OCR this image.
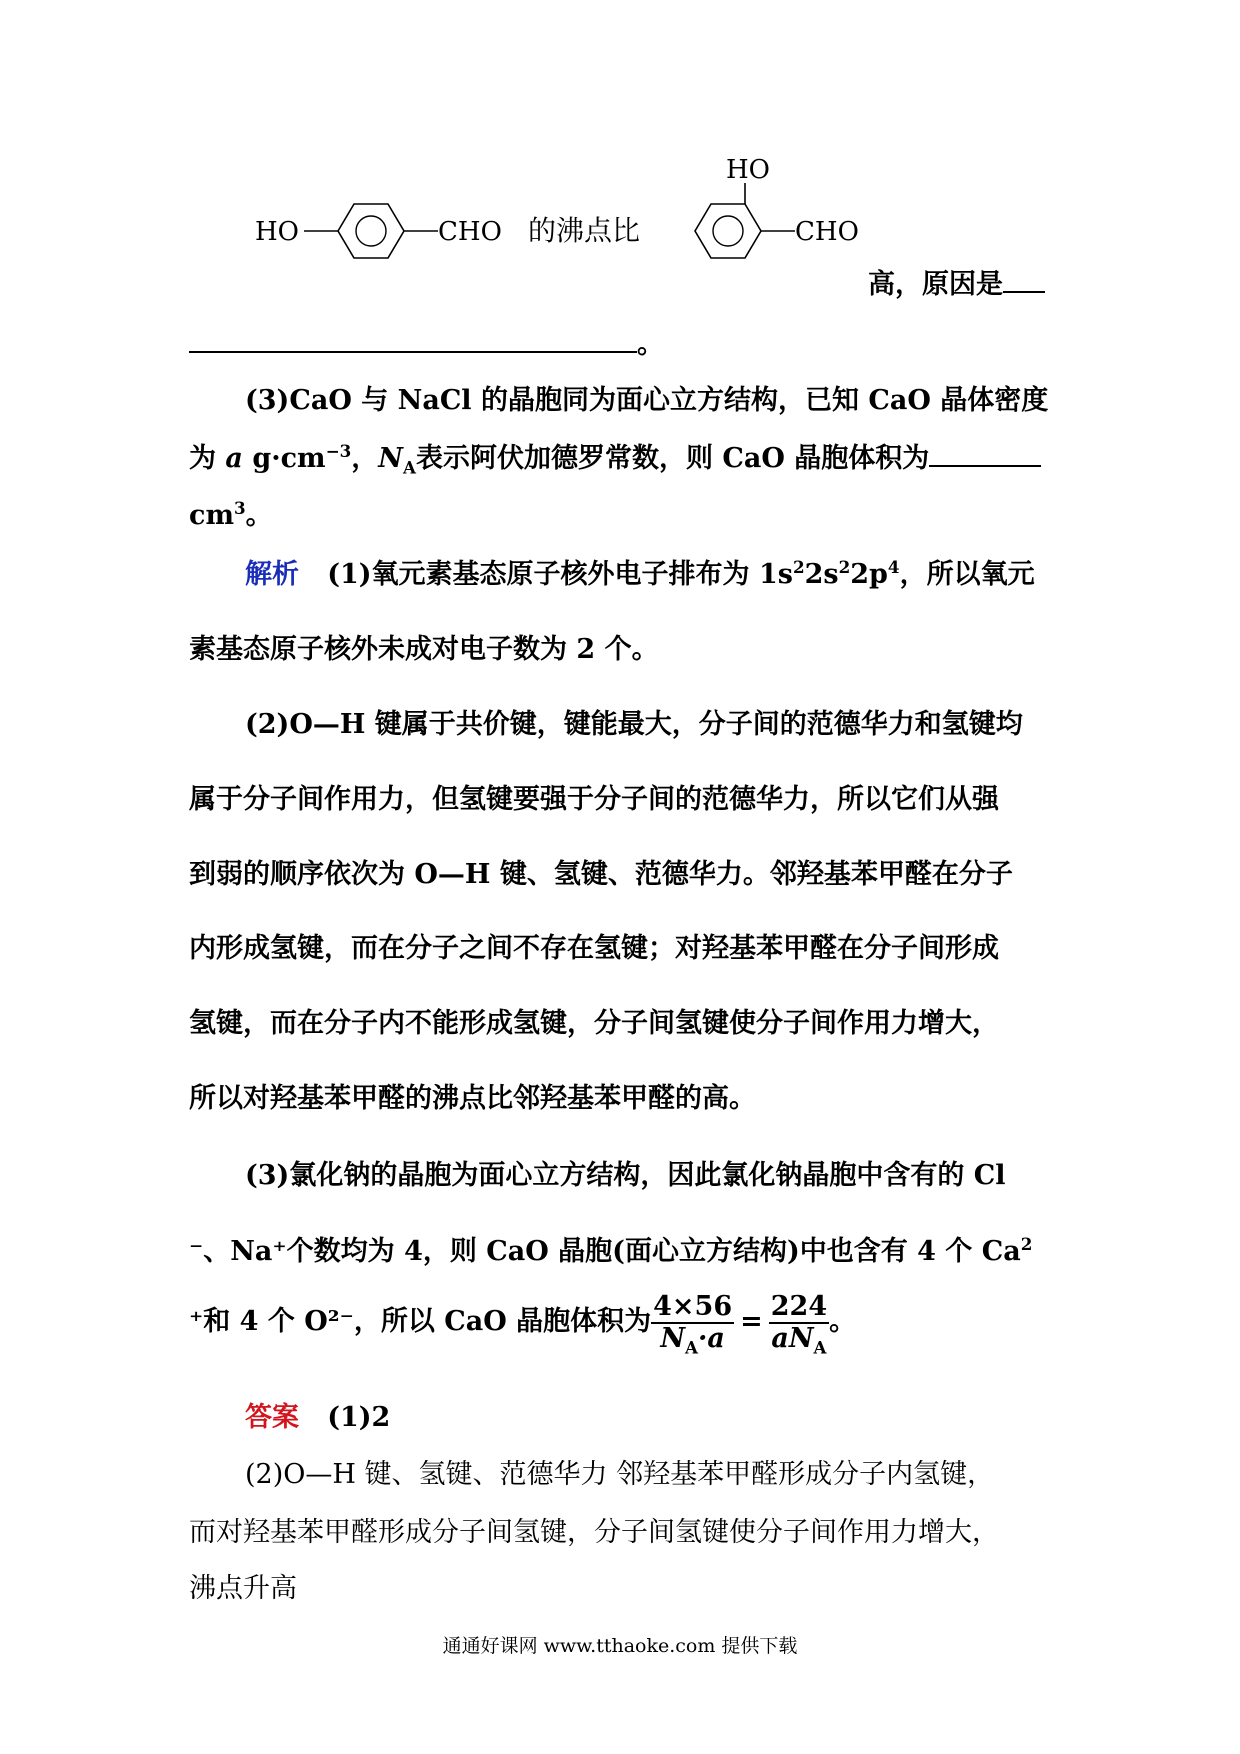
HO	CHO 的沸点比
HO
CHO
高，原因是
。
(3)CaO 与 NaCl 的晶胞同为面心立方结构，已知 CaO 晶体密度
为 a $g\cdot cm^{-3}$，$N_A$表示阿伏加德罗常数，则 CaO 晶胞体积为
$cm^3$。
解析 (1)氧元素基态原子核外电子排布为 $1s^22s^22p^4$，所以氧元
素基态原子核外未成对电子数为 2 个。
(2)O—H 键属于共价键，键能最大，分子间的范德华力和氢键均
属于分子间作用力，但氢键要强于分子间的范德华力，所以它们从强
到弱的顺序依次为 O—H 键、氢键、范德华力。邻羟基苯甲醛在分子
内形成氢键，而在分子之间不存在氢键；对羟基苯甲醛在分子间形成
氢键，而在分子内不能形成氢键，分子间氢键使分子间作用力增大，
所以对羟基苯甲醛的沸点比邻羟基苯甲醛的高。
(3)氯化钠的晶胞为面心立方结构，因此氯化钠晶胞中含有的 Cl
⁻、Na⁺个数均为 4，则 CaO 晶胞(面心立方结构)中也含有 4 个 Ca$^2$
⁺和 4 个 O²⁻，所以 CaO 晶胞体积为 $\frac{4\times 56}{N_A\cdot a} = \frac{224}{aN_A}$ 。
答案 (1)2
(2)O—H 键、氢键、范德华力 邻羟基苯甲醛形成分子内氢键，
而对羟基苯甲醛形成分子间氢键，分子间氢键使分子间作用力增大，
沸点升高
通通好课网 www.tthaoke.com 提供下载
